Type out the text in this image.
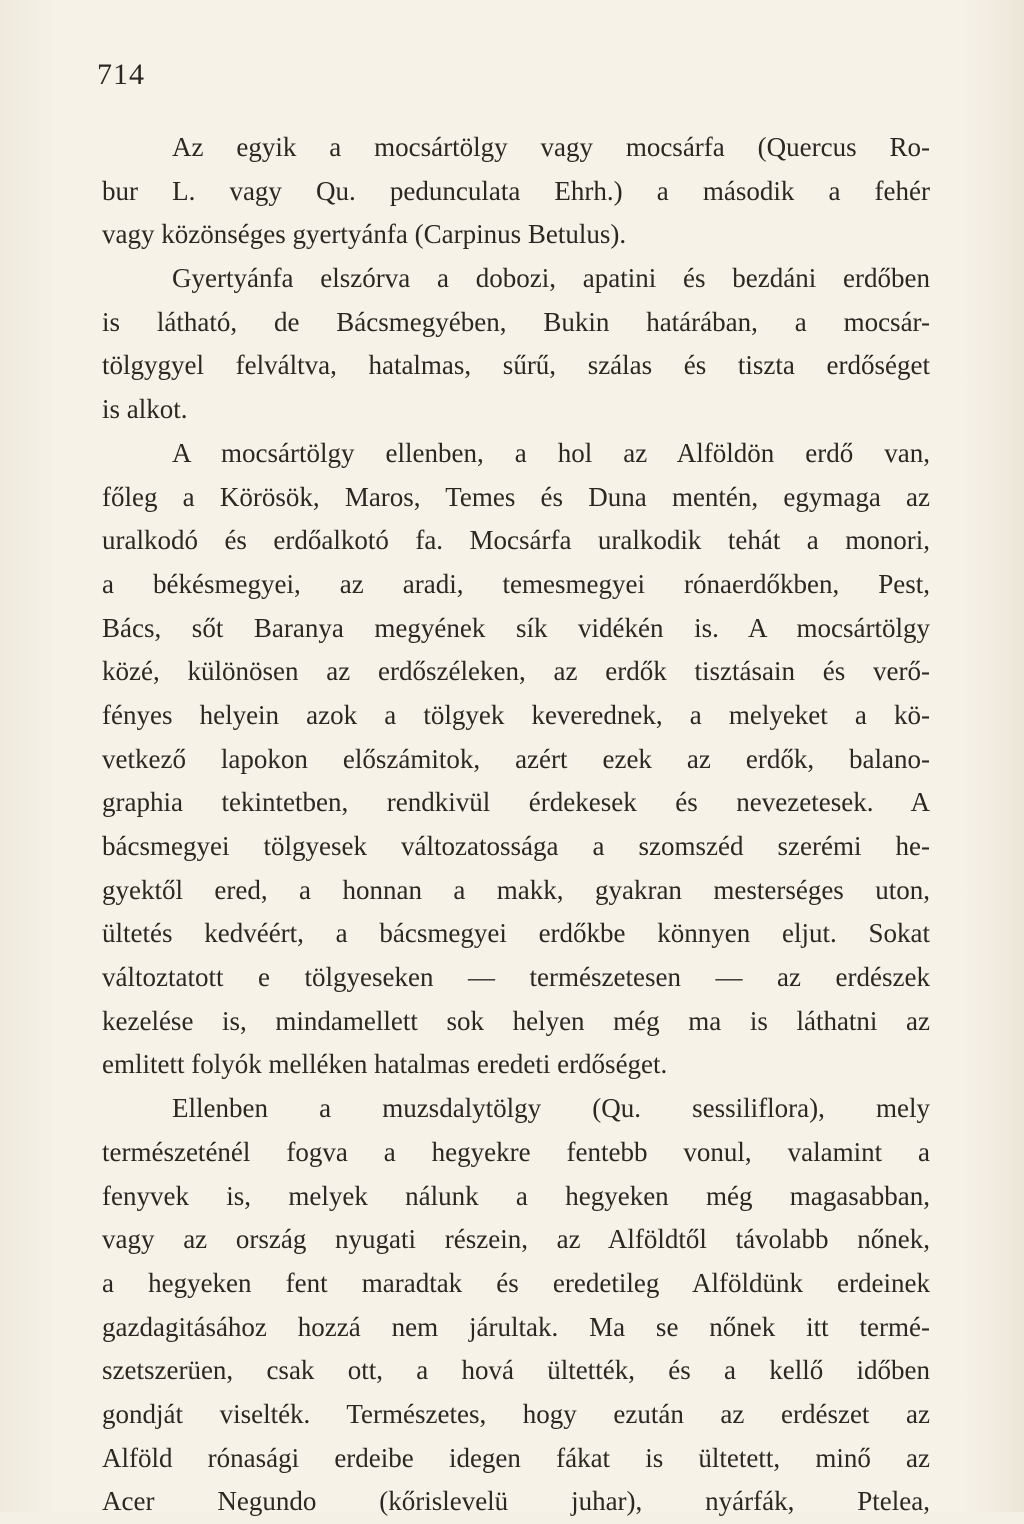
714
Az egyik a mocsártölgy vagy mocsárfa (Quercus Ro-
bur L. vagy Qu. pedunculata Ehrh.) a második a fehér
vagy közönséges gyertyánfa (Carpinus Betulus).
Gyertyánfa elszórva a dobozi, apatini és bezdáni erdőben
is látható, de Bácsmegyében, Bukin határában, a mocsár-
tölgygyel felváltva, hatalmas, sűrű, szálas és tiszta erdőséget
is alkot.
A mocsártölgy ellenben, a hol az Alföldön erdő van,
főleg a Körösök, Maros, Temes és Duna mentén, egymaga az
uralkodó és erdőalkotó fa. Mocsárfa uralkodik tehát a monori,
a békésmegyei, az aradi, temesmegyei rónaerdőkben, Pest,
Bács, sőt Baranya megyének sík vidékén is. A mocsártölgy
közé, különösen az erdőszéleken, az erdők tisztásain és verő-
fényes helyein azok a tölgyek keverednek, a melyeket a kö-
vetkező lapokon előszámitok, azért ezek az erdők, balano-
graphia tekintetben, rendkivül érdekesek és nevezetesek. A
bácsmegyei tölgyesek változatossága a szomszéd szerémi he-
gyektől ered, a honnan a makk, gyakran mesterséges uton,
ültetés kedvéért, a bácsmegyei erdőkbe könnyen eljut. Sokat
változtatott e tölgyeseken — természetesen — az erdészek
kezelése is, mindamellett sok helyen még ma is láthatni az
emlitett folyók melléken hatalmas eredeti erdőséget.
Ellenben a muzsdalytölgy (Qu. sessiliflora), mely
természeténél fogva a hegyekre fentebb vonul, valamint a
fenyvek is, melyek nálunk a hegyeken még magasabban,
vagy az ország nyugati részein, az Alföldtől távolabb nőnek,
a hegyeken fent maradtak és eredetileg Alföldünk erdeinek
gazdagitásához hozzá nem járultak. Ma se nőnek itt termé-
szetszerüen, csak ott, a hová ültették, és a kellő időben
gondját viselték. Természetes, hogy ezután az erdészet az
Alföld rónasági erdeibe idegen fákat is ültetett, minő az
Acer Negundo (kőrislevelü juhar), nyárfák, Ptelea,
